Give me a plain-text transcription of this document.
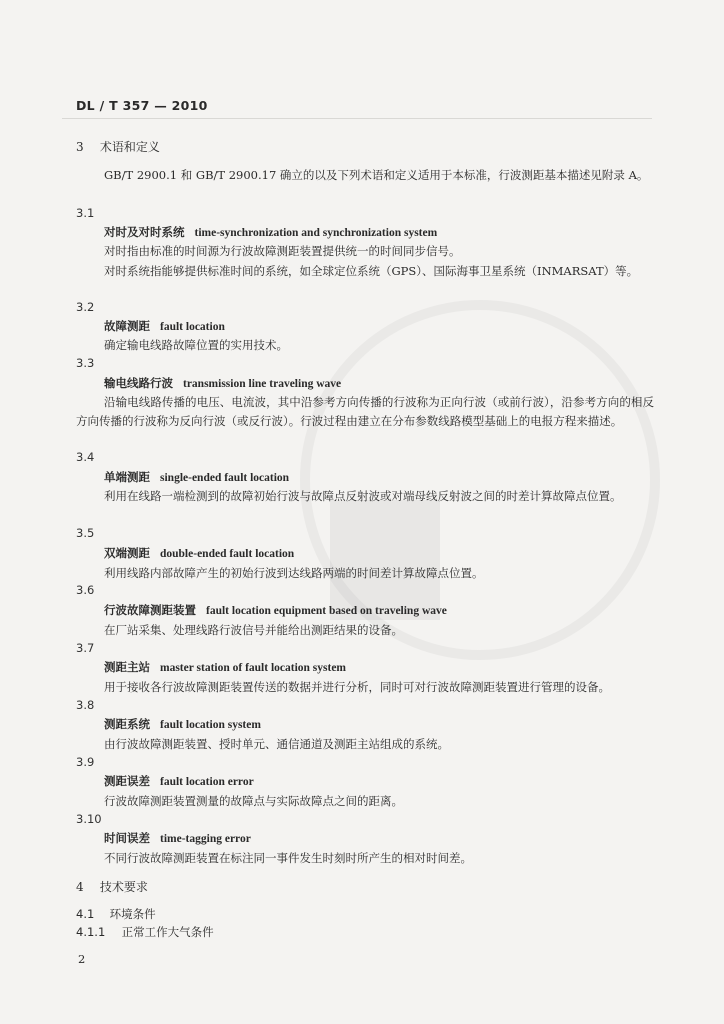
DL / T 357 — 2010
3 术语和定义
GB/T 2900.1 和 GB/T 2900.17 确立的以及下列术语和定义适用于本标准，行波测距基本描述见附录 A。
3.1
对时及对时系统 time-synchronization and synchronization system
对时指由标准的时间源为行波故障测距装置提供统一的时间同步信号。
对时系统指能够提供标准时间的系统，如全球定位系统（GPS）、国际海事卫星系统（INMARSAT）等。
3.2
故障测距 fault location
确定输电线路故障位置的实用技术。
3.3
输电线路行波 transmission line traveling wave
沿输电线路传播的电压、电流波，其中沿参考方向传播的行波称为正向行波（或前行波），沿参考方向的相反方向传播的行波称为反向行波（或反行波）。行波过程由建立在分布参数线路模型基础上的电报方程来描述。
3.4
单端测距 single-ended fault location
利用在线路一端检测到的故障初始行波与故障点反射波或对端母线反射波之间的时差计算故障点位置。
3.5
双端测距 double-ended fault location
利用线路内部故障产生的初始行波到达线路两端的时间差计算故障点位置。
3.6
行波故障测距装置 fault location equipment based on traveling wave
在厂站采集、处理线路行波信号并能给出测距结果的设备。
3.7
测距主站 master station of fault location system
用于接收各行波故障测距装置传送的数据并进行分析，同时可对行波故障测距装置进行管理的设备。
3.8
测距系统 fault location system
由行波故障测距装置、授时单元、通信通道及测距主站组成的系统。
3.9
测距误差 fault location error
行波故障测距装置测量的故障点与实际故障点之间的距离。
3.10
时间误差 time-tagging error
不同行波故障测距装置在标注同一事件发生时刻时所产生的相对时间差。
4 技术要求
4.1 环境条件
4.1.1 正常工作大气条件
2
